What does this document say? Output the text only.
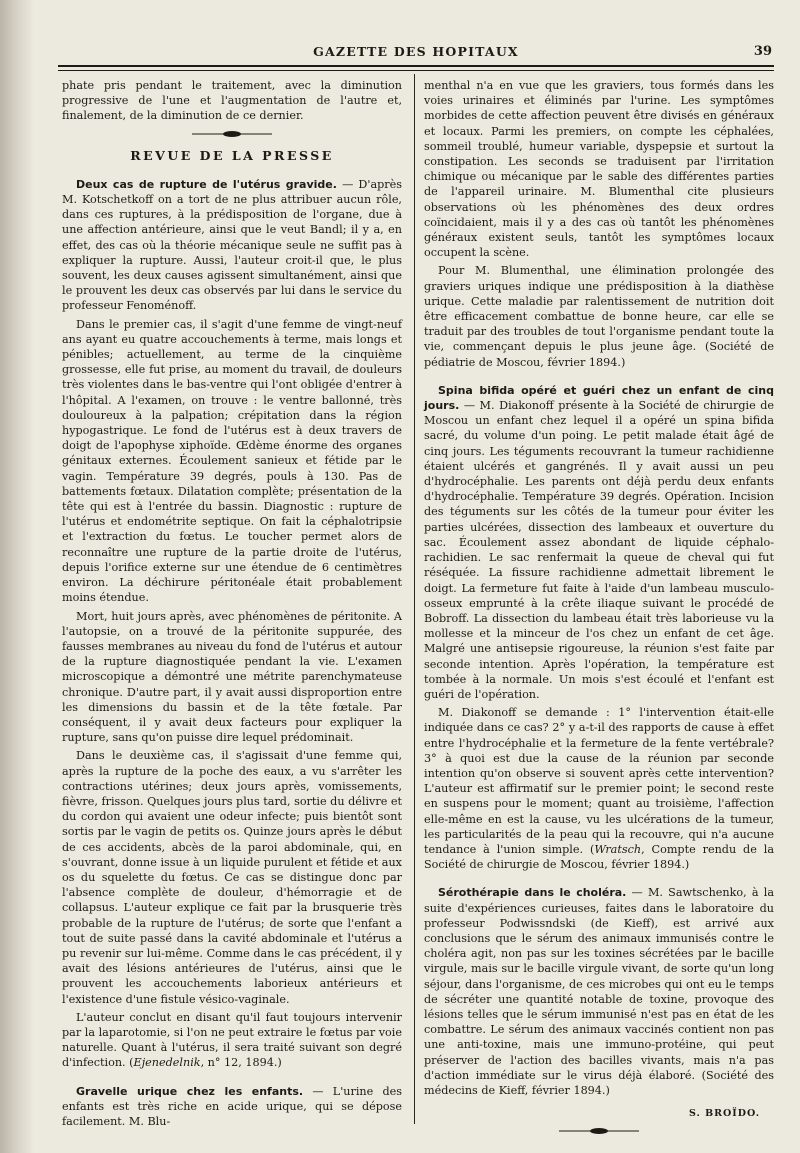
GAZETTE DES HOPITAUX	39

phate pris pendant le traitement, avec la diminution progressive de l'une et l'augmentation de l'autre et, finalement, de la diminution de ce dernier.

REVUE DE LA PRESSE

Deux cas de rupture de l'utérus gravide. — D'après M. Kotschetkoff on a tort de ne plus attribuer aucun rôle, dans ces ruptures, à la prédisposition de l'organe, due à une affection antérieure, ainsi que le veut Bandl; il y a, en effet, des cas où la théorie mécanique seule ne suffit pas à expliquer la rupture. Aussi, l'auteur croit-il que, le plus souvent, les deux causes agissent simultanément, ainsi que le prouvent les deux cas observés par lui dans le service du professeur Fenoménoff.

Dans le premier cas, il s'agit d'une femme de vingt-neuf ans ayant eu quatre accouchements à terme, mais longs et pénibles; actuellement, au terme de la cinquième grossesse, elle fut prise, au moment du travail, de douleurs très violentes dans le bas-ventre qui l'ont obligée d'entrer à l'hôpital. A l'examen, on trouve : le ventre ballonné, très douloureux à la palpation; crépitation dans la région hypogastrique. Le fond de l'utérus est à deux travers de doigt de l'apophyse xiphoïde. Œdème énorme des organes génitaux externes. Écoulement sanieux et fétide par le vagin. Température 39 degrés, pouls à 130. Pas de battements fœtaux. Dilatation complète; présentation de la tête qui est à l'entrée du bassin. Diagnostic : rupture de l'utérus et endométrite septique. On fait la céphalotripsie et l'extraction du fœtus. Le toucher permet alors de reconnaître une rupture de la partie droite de l'utérus, depuis l'orifice externe sur une étendue de 6 centimètres environ. La déchirure péritonéale était probablement moins étendue.

Mort, huit jours après, avec phénomènes de péritonite. A l'autopsie, on a trouvé de la péritonite suppurée, des fausses membranes au niveau du fond de l'utérus et autour de la rupture diagnostiquée pendant la vie. L'examen microscopique a démontré une métrite parenchymateuse chronique. D'autre part, il y avait aussi disproportion entre les dimensions du bassin et de la tête fœtale. Par conséquent, il y avait deux facteurs pour expliquer la rupture, sans qu'on puisse dire lequel prédominait.

Dans le deuxième cas, il s'agissait d'une femme qui, après la rupture de la poche des eaux, a vu s'arrêter les contractions utérines; deux jours après, vomissements, fièvre, frisson. Quelques jours plus tard, sortie du délivre et du cordon qui avaient une odeur infecte; puis bientôt sont sortis par le vagin de petits os. Quinze jours après le début de ces accidents, abcès de la paroi abdominale, qui, en s'ouvrant, donne issue à un liquide purulent et fétide et aux os du squelette du fœtus. Ce cas se distingue donc par l'absence complète de douleur, d'hémorragie et de collapsus. L'auteur explique ce fait par la brusquerie très probable de la rupture de l'utérus; de sorte que l'enfant a tout de suite passé dans la cavité abdominale et l'utérus a pu revenir sur lui-même. Comme dans le cas précédent, il y avait des lésions antérieures de l'utérus, ainsi que le prouvent les accouchements laborieux antérieurs et l'existence d'une fistule vésico-vaginale.

L'auteur conclut en disant qu'il faut toujours intervenir par la laparotomie, si l'on ne peut extraire le fœtus par voie naturelle. Quant à l'utérus, il sera traité suivant son degré d'infection. (Ejenedelnik, n° 12, 1894.)

Gravelle urique chez les enfants. — L'urine des enfants est très riche en acide urique, qui se dépose facilement. M. Blu-

menthal n'a en vue que les graviers, tous formés dans les voies urinaires et éliminés par l'urine. Les symptômes morbides de cette affection peuvent être divisés en généraux et locaux. Parmi les premiers, on compte les céphalées, sommeil troublé, humeur variable, dyspepsie et surtout la constipation. Les seconds se traduisent par l'irritation chimique ou mécanique par le sable des différentes parties de l'appareil urinaire. M. Blumenthal cite plusieurs observations où les phénomènes des deux ordres coïncidaient, mais il y a des cas où tantôt les phénomènes généraux existent seuls, tantôt les symptômes locaux occupent la scène.

Pour M. Blumenthal, une élimination prolongée des graviers uriques indique une prédisposition à la diathèse urique. Cette maladie par ralentissement de nutrition doit être efficacement combattue de bonne heure, car elle se traduit par des troubles de tout l'organisme pendant toute la vie, commençant depuis le plus jeune âge. (Société de pédiatrie de Moscou, février 1894.)

Spina bifida opéré et guéri chez un enfant de cinq jours. — M. Diakonoff présente à la Société de chirurgie de Moscou un enfant chez lequel il a opéré un spina bifida sacré, du volume d'un poing. Le petit malade était âgé de cinq jours. Les téguments recouvrant la tumeur rachidienne étaient ulcérés et gangrénés. Il y avait aussi un peu d'hydrocéphalie. Les parents ont déjà perdu deux enfants d'hydrocéphalie. Température 39 degrés. Opération. Incision des téguments sur les côtés de la tumeur pour éviter les parties ulcérées, dissection des lambeaux et ouverture du sac. Écoulement assez abondant de liquide céphalo-rachidien. Le sac renfermait la queue de cheval qui fut réséquée. La fissure rachidienne admettait librement le doigt. La fermeture fut faite à l'aide d'un lambeau musculo-osseux emprunté à la crête iliaque suivant le procédé de Bobroff. La dissection du lambeau était très laborieuse vu la mollesse et la minceur de l'os chez un enfant de cet âge. Malgré une antisepsie rigoureuse, la réunion s'est faite par seconde intention. Après l'opération, la température est tombée à la normale. Un mois s'est écoulé et l'enfant est guéri de l'opération.

M. Diakonoff se demande : 1° l'intervention était-elle indiquée dans ce cas? 2° y a-t-il des rapports de cause à effet entre l'hydrocéphalie et la fermeture de la fente vertébrale? 3° à quoi est due la cause de la réunion par seconde intention qu'on observe si souvent après cette intervention? L'auteur est affirmatif sur le premier point; le second reste en suspens pour le moment; quant au troisième, l'affection elle-même en est la cause, vu les ulcérations de la tumeur, les particularités de la peau qui la recouvre, qui n'a aucune tendance à l'union simple. (Wratsch, Compte rendu de la Société de chirurgie de Moscou, février 1894.)

Sérothérapie dans le choléra. — M. Sawtschenko, à la suite d'expériences curieuses, faites dans le laboratoire du professeur Podwissndski (de Kieff), est arrivé aux conclusions que le sérum des animaux immunisés contre le choléra agit, non pas sur les toxines sécrétées par le bacille virgule, mais sur le bacille virgule vivant, de sorte qu'un long séjour, dans l'organisme, de ces microbes qui ont eu le temps de sécréter une quantité notable de toxine, provoque des lésions telles que le sérum immunisé n'est pas en état de les combattre. Le sérum des animaux vaccinés contient non pas une anti-toxine, mais une immuno-protéine, qui peut préserver de l'action des bacilles vivants, mais n'a pas d'action immédiate sur le virus déjà élaboré. (Société des médecins de Kieff, février 1894.)

S. BROÏDO.
